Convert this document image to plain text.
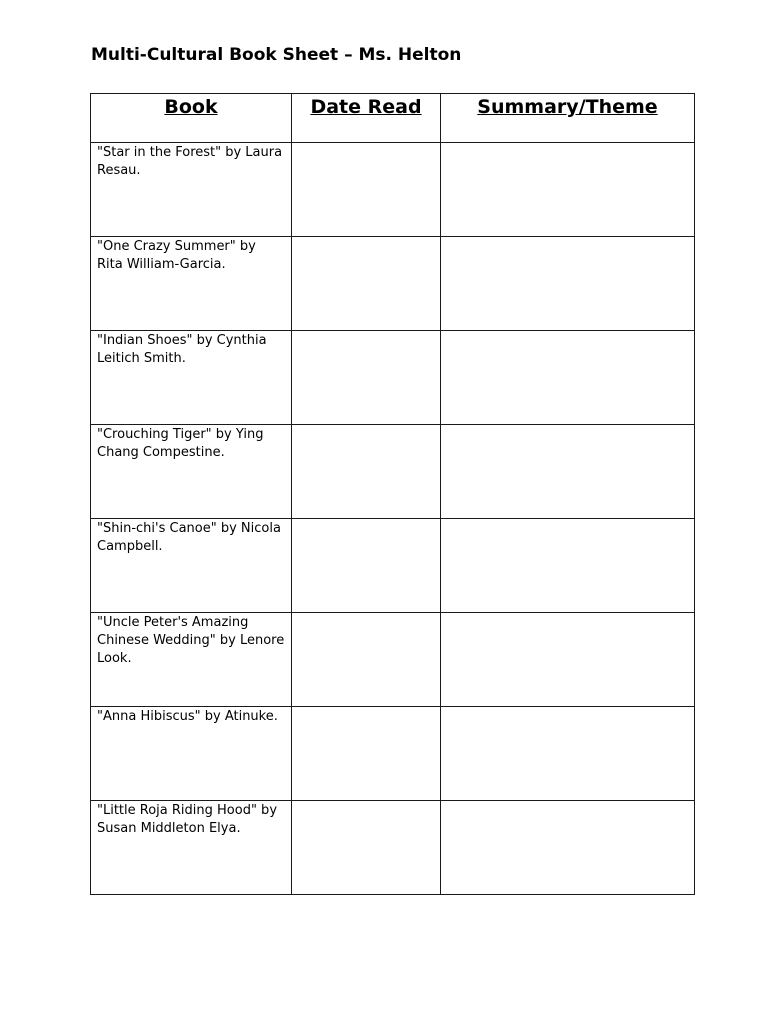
Multi-Cultural Book Sheet – Ms. Helton
Book	Date Read	Summary/Theme
"Star in the Forest" by Laura Resau.		
"One Crazy Summer" by Rita William-Garcia.		
"Indian Shoes" by Cynthia Leitich Smith.		
"Crouching Tiger" by Ying Chang Compestine.		
"Shin-chi's Canoe" by Nicola Campbell.		
"Uncle Peter's Amazing Chinese Wedding" by Lenore Look.		
"Anna Hibiscus" by Atinuke.		
"Little Roja Riding Hood" by Susan Middleton Elya.		
